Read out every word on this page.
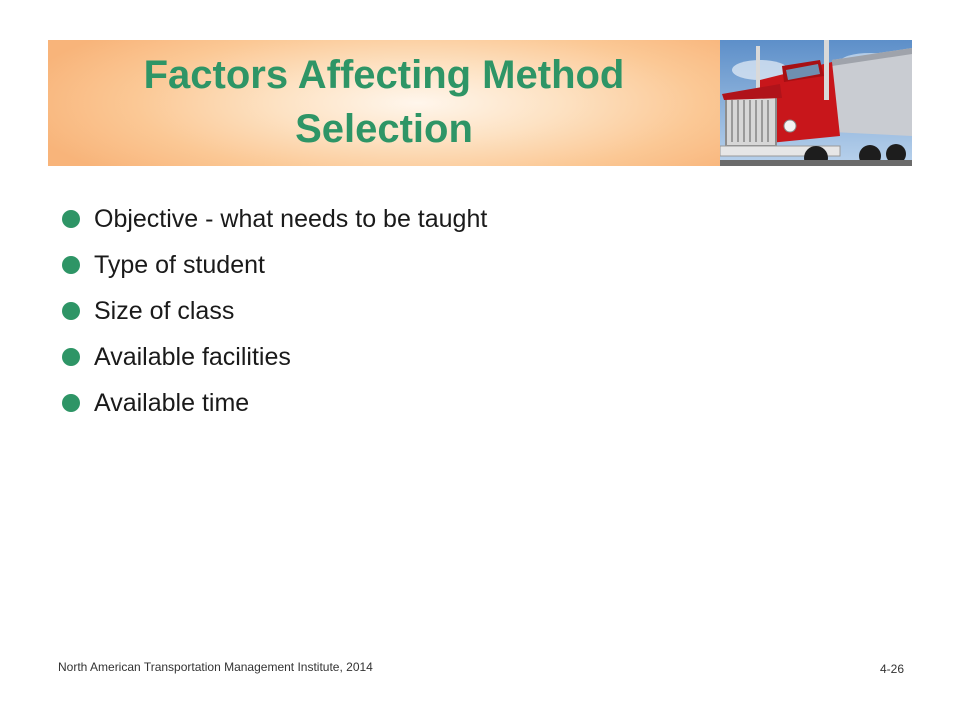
Factors Affecting Method
Selection
Objective - what needs to be taught
Type of student
Size of class
Available facilities
Available time
North American Transportation Management Institute, 2014	4-26
